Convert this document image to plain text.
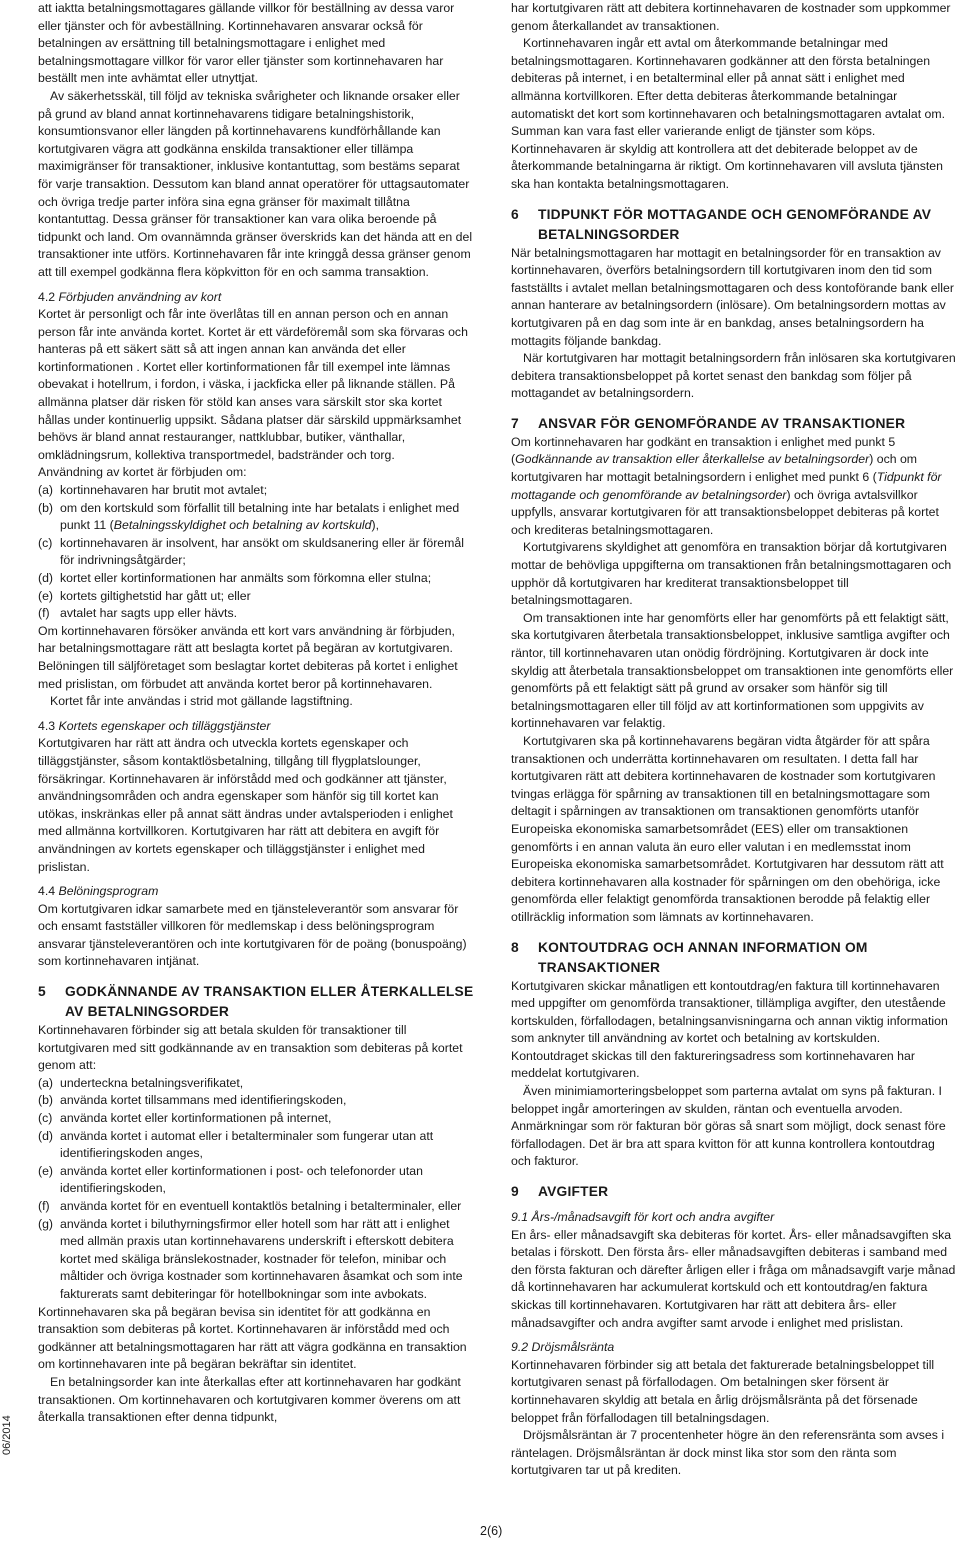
att iaktta betalningsmottagares gällande villkor för beställning av dessa varor eller tjänster och för avbeställning. Kortinnehavaren ansvarar också för betalningen av ersättning till betalningsmottagare i enlighet med betalningsmottagare villkor för varor eller tjänster som kortinnehavaren har beställt men inte avhämtat eller utnyttjat.

Av säkerhetsskäl, till följd av tekniska svårigheter och liknande orsaker eller på grund av bland annat kortinnehavarens tidigare betalningshistorik, konsumtionsvanor eller längden på kortinnehavarens kundförhållande kan kortutgivaren vägra att godkänna enskilda transaktioner eller tillämpa maximigränser för transaktioner, inklusive kontantuttag, som bestäms separat för varje transaktion. Dessutom kan bland annat operatörer för uttagsautomater och övriga tredje parter införa sina egna gränser för maximalt tillåtna kontantuttag. Dessa gränser för transaktioner kan vara olika beroende på tidpunkt och land. Om ovannämnda gränser överskrids kan det hända att en del transaktioner inte utförs. Kortinnehavaren får inte kringgå dessa gränser genom att till exempel godkänna flera köpkvitton för en och samma transaktion.

4.2 Förbjuden användning av kort

Kortet är personligt och får inte överlåtas till en annan person och en annan person får inte använda kortet. Kortet är ett värdeföremål som ska förvaras och hanteras på ett säkert sätt så att ingen annan kan använda det eller kortinformationen . Kortet eller kortinformationen får till exempel inte lämnas obevakat i hotellrum, i fordon, i väska, i jackficka eller på liknande ställen. På allmänna platser där risken för stöld kan anses vara särskilt stor ska kortet hållas under kontinuerlig uppsikt. Sådana platser där särskild uppmärksamhet behövs är bland annat restauranger, nattklubbar, butiker, vänthallar, omklädningsrum, kollektiva transportmedel, badstränder och torg.

Användning av kortet är förbjuden om:

(a) kortinnehavaren har brutit mot avtalet;
(b) om den kortskuld som förfallit till betalning inte har betalats i enlighet med punkt 11 (Betalningsskyldighet och betalning av kortskuld),
(c) kortinnehavaren är insolvent, har ansökt om skuldsanering eller är föremål för indrivningsåtgärder;
(d) kortet eller kortinformationen har anmälts som förkomna eller stulna;
(e) kortets giltighetstid har gått ut; eller
(f) avtalet har sagts upp eller hävts.

Om kortinnehavaren försöker använda ett kort vars användning är förbjuden, har betalningsmottagare rätt att beslagta kortet på begäran av kortutgivaren. Belöningen till säljföretaget som beslagtar kortet debiteras på kortet i enlighet med prislistan, om förbudet att använda kortet beror på kortinnehavaren.

Kortet får inte användas i strid mot gällande lagstiftning.

4.3 Kortets egenskaper och tilläggstjänster

Kortutgivaren har rätt att ändra och utveckla kortets egenskaper och tilläggstjänster, såsom kontaktlösbetalning, tillgång till flygplatslounger, försäkringar. Kortinnehavaren är införstådd med och godkänner att tjänster, användningsområden och andra egenskaper som hänför sig till kortet kan utökas, inskränkas eller på annat sätt ändras under avtalsperioden i enlighet med allmänna kortvillkoren. Kortutgivaren har rätt att debitera en avgift för användningen av kortets egenskaper och tilläggstjänster i enlighet med prislistan.

4.4 Belöningsprogram

Om kortutgivaren idkar samarbete med en tjänsteleverantör som ansvarar för och ensamt fastställer villkoren för medlemskap i dess belöningsprogram ansvarar tjänsteleverantören och inte kortutgivaren för de poäng (bonuspoäng) som kortinnehavaren intjänat.

5	GODKÄNNANDE AV TRANSAKTION ELLER ÅTERKALLELSE AV BETALNINGSORDER

Kortinnehavaren förbinder sig att betala skulden för transaktioner till kortutgivaren med sitt godkännande av en transaktion som debiteras på kortet genom att:

(a) underteckna betalningsverifikatet,
(b) använda kortet tillsammans med identifieringskoden,
(c) använda kortet eller kortinformationen på internet,
(d) använda kortet i automat eller i betalterminaler som fungerar utan att identifieringskoden anges,
(e) använda kortet eller kortinformationen i post- och telefonorder utan identifieringskoden,
(f) använda kortet för en eventuell kontaktlös betalning i betalterminaler, eller
(g) använda kortet i biluthyrningsfirmor eller hotell som har rätt att i enlighet med allmän praxis utan kortinnehavarens underskrift i efterskott debitera kortet med skäliga bränslekostnader, kostnader för telefon, minibar och måltider och övriga kostnader som kortinnehavaren åsamkat och som inte fakturerats samt debiteringar för hotellbokningar som inte avbokats.

Kortinnehavaren ska på begäran bevisa sin identitet för att godkänna en transaktion som debiteras på kortet. Kortinnehavaren är införstådd med och godkänner att betalningsmottagaren har rätt att vägra godkänna en transaktion om kortinnehavaren inte på begäran bekräftar sin identitet.

En betalningsorder kan inte återkallas efter att kortinnehavaren har godkänt transaktionen. Om kortinnehavaren och kortutgivaren kommer överens om att återkalla transaktionen efter denna tidpunkt,

har kortutgivaren rätt att debitera kortinnehavaren de kostnader som uppkommer genom återkallandet av transaktionen.

Kortinnehavaren ingår ett avtal om återkommande betalningar med betalningsmottagaren. Kortinnehavaren godkänner att den första betalningen debiteras på internet, i en betalterminal eller på annat sätt i enlighet med allmänna kortvillkoren. Efter detta debiteras återkommande betalningar automatiskt det kort som kortinnehavaren och betalningsmottagaren avtalat om. Summan kan vara fast eller varierande enligt de tjänster som köps. Kortinnehavaren är skyldig att kontrollera att det debiterade beloppet av de återkommande betalningarna är riktigt. Om kortinnehavaren vill avsluta tjänsten ska han kontakta betalningsmottagaren.

6	TIDPUNKT FÖR MOTTAGANDE OCH GENOMFÖRANDE AV BETALNINGSORDER

När betalningsmottagaren har mottagit en betalningsorder för en transaktion av kortinnehavaren, överförs betalningsordern till kortutgivaren inom den tid som fastställts i avtalet mellan betalningsmottagaren och dess kontoförande bank eller annan hanterare av betalningsordern (inlösare). Om betalningsordern mottas av kortutgivaren på en dag som inte är en bankdag, anses betalningsordern ha mottagits följande bankdag.

När kortutgivaren har mottagit betalningsordern från inlösaren ska kortutgivaren debitera transaktionsbeloppet på kortet senast den bankdag som följer på mottagandet av betalningsordern.

7	ANSVAR FÖR GENOMFÖRANDE AV TRANSAKTIONER

Om kortinnehavaren har godkänt en transaktion i enlighet med punkt 5 (Godkännande av transaktion eller återkallelse av betalningsorder) och om kortutgivaren har mottagit betalningsordern i enlighet med punkt 6 (Tidpunkt för mottagande och genomförande av betalningsorder) och övriga avtalsvillkor uppfylls, ansvarar kortutgivaren för att transaktionsbeloppet debiteras på kortet och krediteras betalningsmottagaren.

Kortutgivarens skyldighet att genomföra en transaktion börjar då kortutgivaren mottar de behövliga uppgifterna om transaktionen från betalningsmottagaren och upphör då kortutgivaren har krediterat transaktionsbeloppet till betalningsmottagaren.

Om transaktionen inte har genomförts eller har genomförts på ett felaktigt sätt, ska kortutgivaren återbetala transaktionsbeloppet, inklusive samtliga avgifter och räntor, till kortinnehavaren utan onödig fördröjning. Kortutgivaren är dock inte skyldig att återbetala transaktionsbeloppet om transaktionen inte genomförts eller genomförts på ett felaktigt sätt på grund av orsaker som hänför sig till betalningsmottagaren eller till följd av att kortinformationen som uppgivits av kortinnehavaren var felaktig.

Kortutgivaren ska på kortinnehavarens begäran vidta åtgärder för att spåra transaktionen och underrätta kortinnehavaren om resultaten. I detta fall har kortutgivaren rätt att debitera kortinnehavaren de kostnader som kortutgivaren tvingas erlägga för spårning av transaktionen till en betalningsmottagare som deltagit i spårningen av transaktionen om transaktionen genomförts utanför Europeiska ekonomiska samarbetsområdet (EES) eller om transaktionen genomförts i en annan valuta än euro eller valutan i en medlemsstat inom Europeiska ekonomiska samarbetsområdet. Kortutgivaren har dessutom rätt att debitera kortinnehavaren alla kostnader för spårningen om den obehöriga, icke genomförda eller felaktigt genomförda transaktionen berodde på felaktig eller otillräcklig information som lämnats av kortinnehavaren.

8	KONTOUTDRAG OCH ANNAN INFORMATION OM TRANSAKTIONER

Kortutgivaren skickar månatligen ett kontoutdrag/en faktura till kortinnehavaren med uppgifter om genomförda transaktioner, tillämpliga avgifter, den utestående kortskulden, förfallodagen, betalningsanvisningarna och annan viktig information som anknyter till användning av kortet och betalning av kortskulden. Kontoutdraget skickas till den faktureringsadress som kortinnehavaren har meddelat kortutgivaren.

Även minimiamorteringsbeloppet som parterna avtalat om syns på fakturan. I beloppet ingår amorteringen av skulden, räntan och eventuella arvoden. Anmärkningar som rör fakturan bör göras så snart som möjligt, dock senast före förfallodagen. Det är bra att spara kvitton för att kunna kontrollera kontoutdrag och fakturor.

9	AVGIFTER

9.1 Års-/månadsavgift för kort och andra avgifter

En års- eller månadsavgift ska debiteras för kortet. Års- eller månadsavgiften ska betalas i förskott. Den första års- eller månadsavgiften debiteras i samband med den första fakturan och därefter årligen eller i fråga om månadsavgift varje månad då kortinnehavaren har ackumulerat kortskuld och ett kontoutdrag/en faktura skickas till kortinnehavaren. Kortutgivaren har rätt att debitera års- eller månadsavgifter och andra avgifter samt arvode i enlighet med prislistan.

9.2 Dröjsmålsränta

Kortinnehavaren förbinder sig att betala det fakturerade betalningsbeloppet till kortutgivaren senast på förfallodagen. Om betalningen sker försent är kortinnehavaren skyldig att betala en årlig dröjsmålsränta på det försenade beloppet från förfallodagen till betalningsdagen.

Dröjsmålsräntan är 7 procentenheter högre än den referensränta som avses i räntelagen. Dröjsmålsräntan är dock minst lika stor som den ränta som kortutgivaren tar ut på krediten.

06/2014
2(6)
